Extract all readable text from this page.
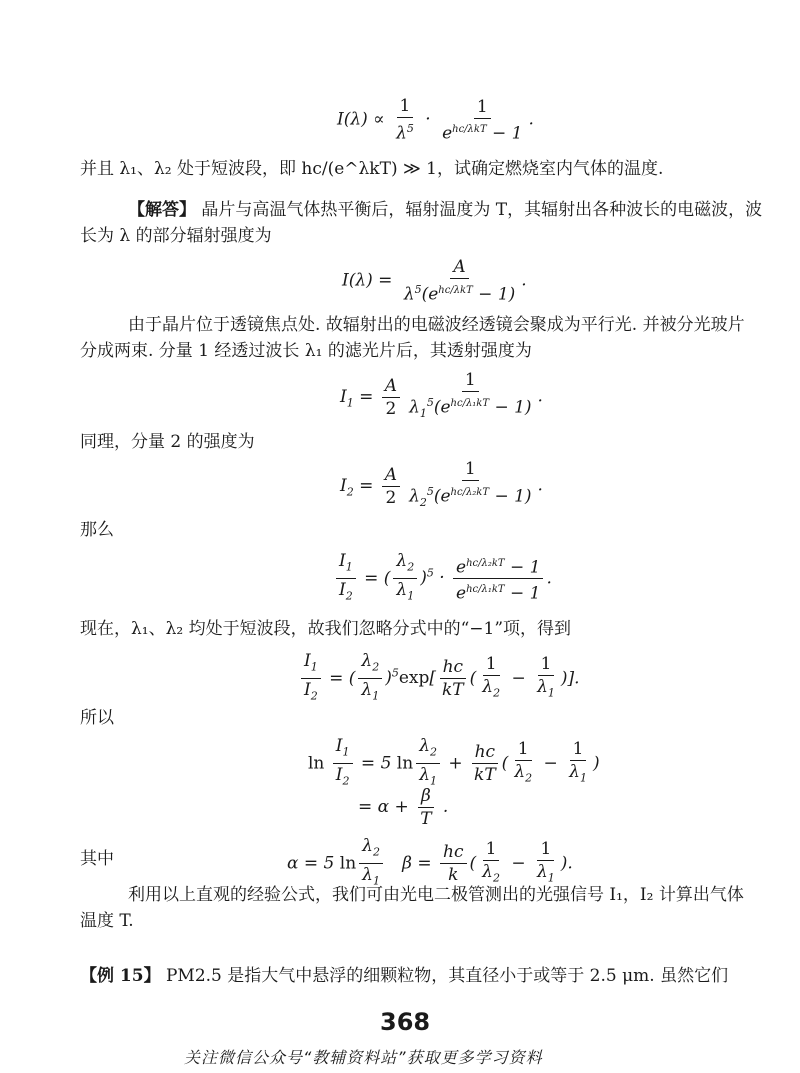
$I(\lambda) \propto \frac{1}{\lambda^5} \cdot \frac{1}{e^{hc/\lambda kT} - 1}$ .
并且 λ₁、λ₂ 处于短波段，即 hc/(e^λkT) ≫ 1，试确定燃烧室内气体的温度.
【解答】 晶片与高温气体热平衡后，辐射温度为 T，其辐射出各种波长的电磁波，波
长为 λ 的部分辐射强度为
$I(\lambda) = \frac{A}{\lambda^5(e^{hc/\lambda kT} - 1)}$ .
由于晶片位于透镜焦点处. 故辐射出的电磁波经透镜会聚成为平行光. 并被分光玻片
分成两束. 分量 1 经透过波长 λ₁ 的滤光片后，其透射强度为
$I_1 = \frac{A}{2} \frac{1}{\lambda_1^5(e^{hc/\lambda_1kT} - 1)}$ .
同理，分量 2 的强度为
$I_2 = \frac{A}{2} \frac{1}{\lambda_2^5(e^{hc/\lambda_2kT} - 1)}$ .
那么
$\frac{I_1}{I_2}$ = ( $\frac{\lambda_2}{\lambda_1} )^5 \cdot \frac{e^{hc/\lambda_2kT} - 1}{e^{hc/\lambda_1kT} - 1}$ .
现在，λ₁、λ₂ 均处于短波段，故我们忽略分式中的“−1”项，得到
$\frac{I_1}{I_2}$ = ( $\frac{\lambda_2}{\lambda_1} )^5\exp[ \frac{hc}{kT}$ ( $\frac{1}{\lambda_2} - \frac{1}{\lambda_1}$ )].
所以
$\ln \frac{I_1}{I_2} = 5$ $\ln \frac{\lambda_2}{\lambda_1} + \frac{hc}{kT}$ ( $\frac{1}{\lambda_2} - \frac{1}{\lambda_1}$ )
= $\alpha + \frac{\beta}{T}$ .
其中	α = 5 $\ln \frac{\lambda_2}{\lambda_1}$ $\beta = \frac{hc}{k}$ ( $\frac{1}{\lambda_2} - \frac{1}{\lambda_1}$ ).
利用以上直观的经验公式，我们可由光电二极管测出的光强信号 I₁，I₂ 计算出气体
温度 T.
【例 15】 PM2.5 是指大气中悬浮的细颗粒物，其直径小于或等于 2.5 μm. 虽然它们
368
关注微信公众号“教辅资料站”获取更多学习资料
